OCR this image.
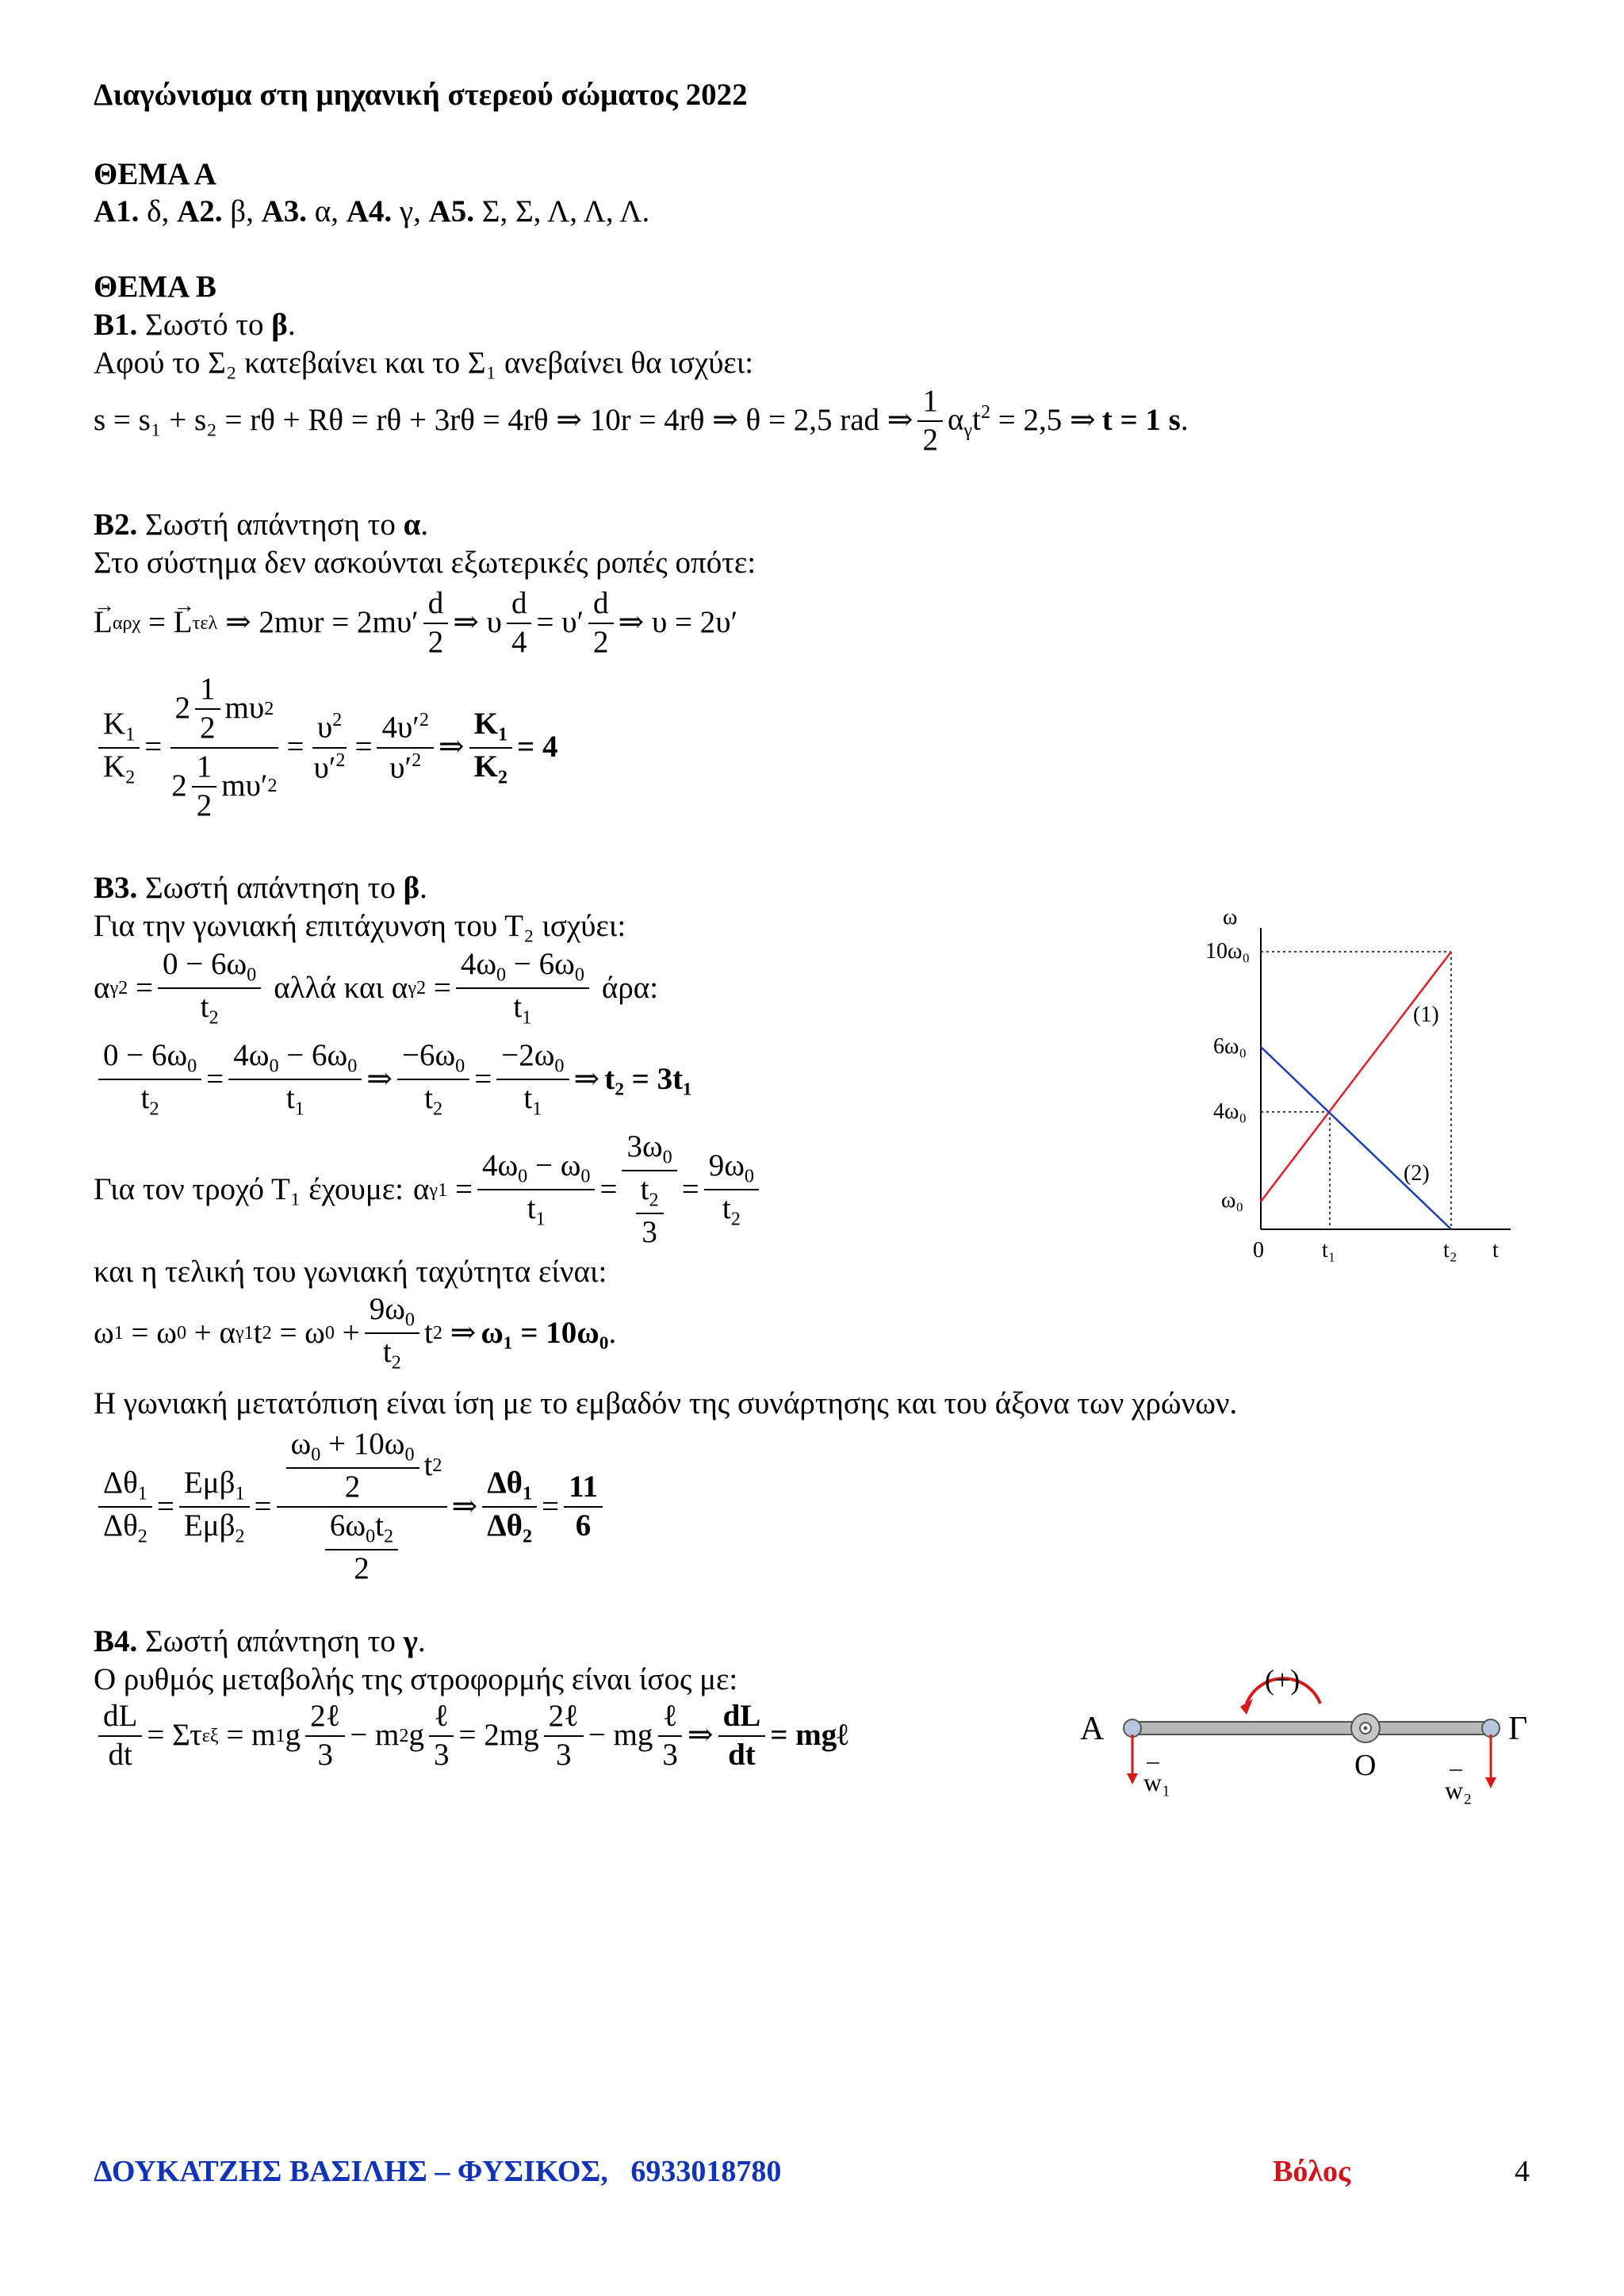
Διαγώνισμα στη μηχανική στερεού σώματος 2022
ΘΕΜΑ Α
Α1. δ, Α2. β, Α3. α, Α4. γ, Α5. Σ, Σ, Λ, Λ, Λ.
ΘΕΜΑ Β
Β1. Σωστό το β.
Αφού το Σ₂ κατεβαίνει και το Σ₁ ανεβαίνει θα ισχύει:
s = s₁ + s₂ = rθ + Rθ = rθ + 3rθ = 4rθ ⇒ 10r = 4rθ ⇒ θ = 2,5 rad ⇒ $\frac{1}{2} \alpha_\gamma t^2 = 2,5$ ⇒ t = 1 s .
Β2. Σωστή απάντηση το α.
Στο σύστημα δεν ασκούνται εξωτερικές ροπές οπότε:
→ L αρχ =
→ L τελ ⇒ $2m\upsilon r = 2m\upsilon' \frac{d}{2}$ ⇒ υ $\frac{d}{4} = \upsilon' \frac{d}{2}$ ⇒ υ = 2υ′
$\frac{K_1}{K_2} = \frac{2 \frac{1}{2} m\upsilon 2}{2 \frac{1}{2} m\upsilon' 2} = \frac{\upsilon^2}{\upsilon'^2} = \frac{4\upsilon'^2}{\upsilon'^2}$ ⇒ $\frac{K_1}{K_2} = 4$
Β3. Σωστή απάντηση το β.
Για την γωνιακή επιτάχυνση του Τ₂ ισχύει:
α $\gamma 2 = \frac{0 - 6\omega_0}{t_2}$ αλλά και α $\gamma 2 = \frac{4\omega_0 - 6\omega_0}{t_1} ά\rho\alpha$:
$\frac{0 - 6\omega_0}{t_2} = \frac{4\omega_0 - 6\omega_0}{t_1}$ ⇒ $\frac{-6\omega_0}{t_2} = \frac{-2\omega_0}{t_1}$ ⇒ t₂ = 3t₁
Για τον τροχό Τ₁ έχουμε: α $\gamma 1 = \frac{4\omega_0 - \omega_0}{t_1} = \frac{3\omega_0}{\frac{t_2}{3}} = \frac{9\omega_0}{t_2}$
και η τελική του γωνιακή ταχύτητα είναι:
ω 1 = ω 0 + α γ1 t 2 = ω $0 + \frac{9\omega_0}{t_2}$ t 2 ⇒ ω₁ = 10ω₀ .
Η γωνιακή μετατόπιση είναι ίση με το εμβαδόν της συνάρτησης και του άξονα των χρώνων.
$\frac{\Delta\theta_1}{\Delta\theta_2} = \frac{E\mu\beta_1}{E\mu\beta_2} = \frac{\frac{\omega_0 + 10\omega_0}{2} t 2}{\frac{6\omega_0t_2}{2}}$ ⇒ $\frac{\Delta\theta_1}{\Delta\theta_2} = \frac{11}{6}$
Β4. Σωστή απάντηση το γ.
Ο ρυθμός μεταβολής της στροφορμής είναι ίσος με:
$\frac{dL}{dt} = \Sigma\tau$ εξ = m 1 g $\frac{\text{2ℓ}}{3} - m$ 2 g $\frac{\text{ℓ}}{3} = 2mg \frac{\text{2ℓ}}{3}$ − mg $\frac{\text{ℓ}}{3}$ ⇒ $\frac{dL}{dt}$ = mgℓ
ω
10ω₀
6ω₀
4ω₀
ω₀
0	t₁	t₂ t
(1)
(2)
(+)
Α	Γ
Ο
w₁	w₂
ΔΟΥΚΑΤΖΗΣ ΒΑΣΙΛΗΣ – ΦΥΣΙΚΟΣ, 6933018780	Βόλος	4
